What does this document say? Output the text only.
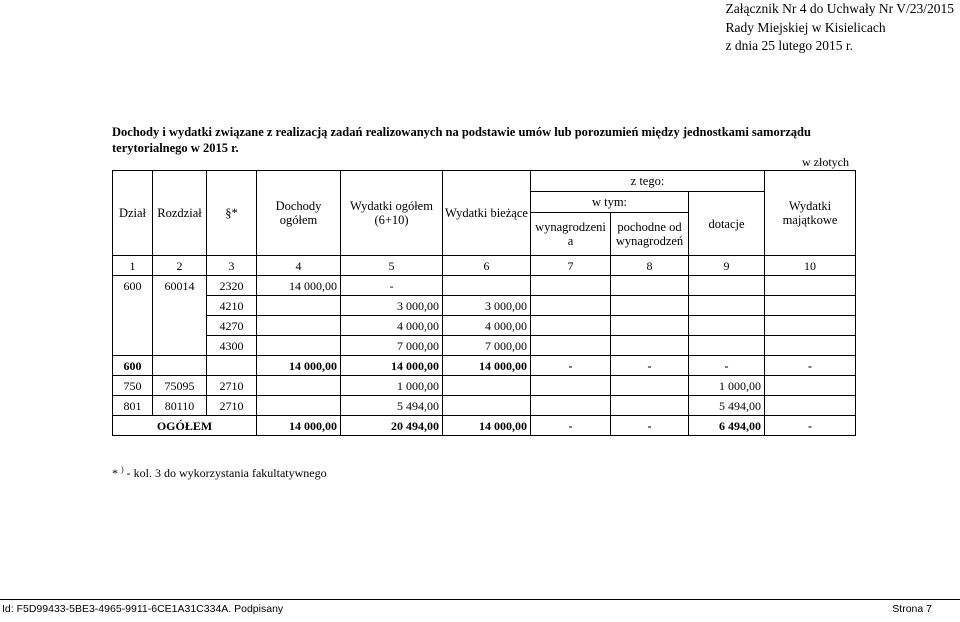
Załącznik Nr 4 do Uchwały Nr V/23/2015
Rady Miejskiej w Kisielicach
z dnia 25 lutego 2015 r.
Dochody i wydatki związane z realizacją zadań realizowanych na podstawie umów lub porozumień między jednostkami samorządu terytorialnego w 2015 r.
w złotych
Dział	Rozdział	§*	Dochody ogółem	Wydatki ogółem (6+10)	Wydatki bieżące	z tego:			Wydatki majątkowe
						w tym:		dotacje	
						wynagrodzeni a	pochodne od wynagrodzeń		
1	2	3	4	5	6	7	8	9	10
600	60014	2320	14 000,00	-					
		4210		3 000,00	3 000,00				
		4270		4 000,00	4 000,00				
		4300		7 000,00	7 000,00				
600			14 000,00	14 000,00	14 000,00	-	-	-	-
750	75095	2710		1 000,00				1 000,00	
801	80110	2710		5 494,00				5 494,00	
OGÓŁEM			14 000,00	20 494,00	14 000,00	-	-	6 494,00	-
* ) - kol. 3 do wykorzystania fakultatywnego
Id: F5D99433-5BE3-4965-9911-6CE1A31C334A. Podpisany	Strona 7
